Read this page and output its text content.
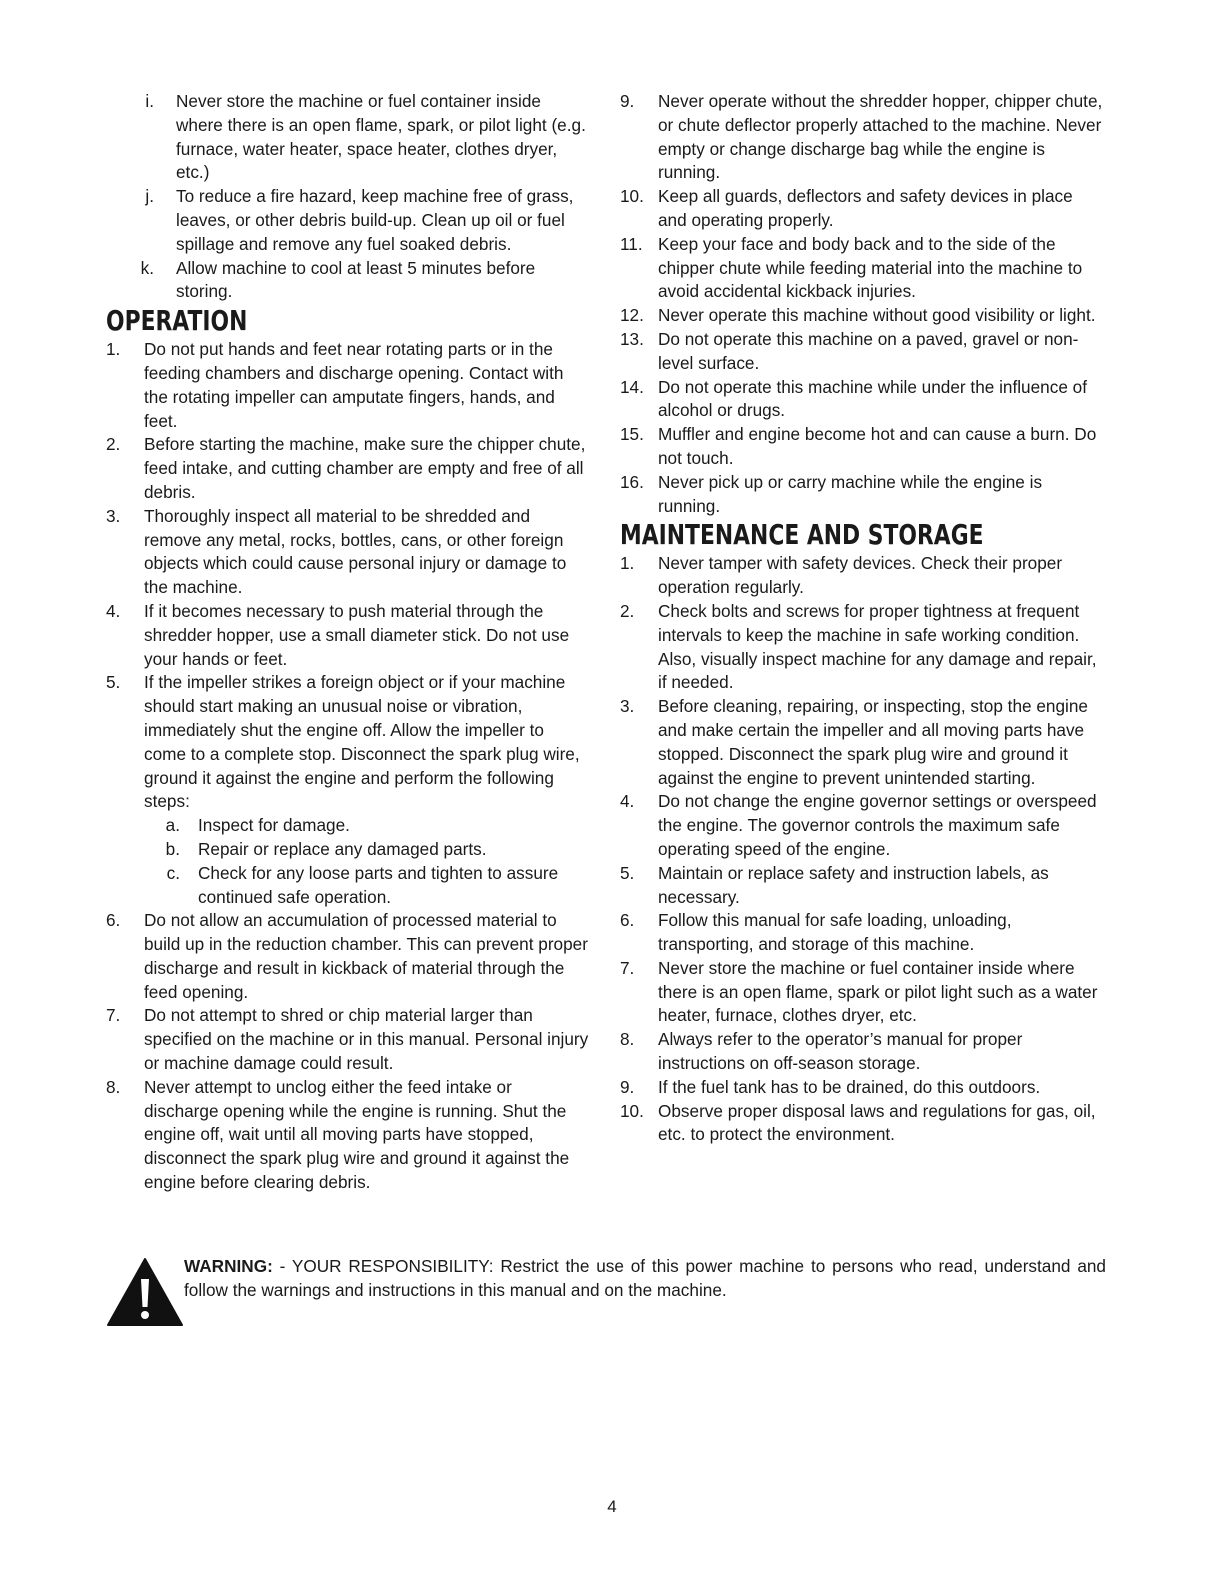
i.	Never store the machine or fuel container inside where there is an open flame, spark, or pilot light (e.g. furnace, water heater, space heater, clothes dryer, etc.)
j.	To reduce a fire hazard, keep machine free of grass, leaves, or other debris build-up. Clean up oil or fuel spillage and remove any fuel soaked debris.
k.	Allow machine to cool at least 5 minutes before storing.
OPERATION
1.	Do not put hands and feet near rotating parts or in the feeding chambers and discharge opening. Contact with the rotating impeller can amputate fingers, hands, and feet.
2.	Before starting the machine, make sure the chipper chute, feed intake, and cutting chamber are empty and free of all debris.
3.	Thoroughly inspect all material to be shredded and remove any metal, rocks, bottles, cans, or other foreign objects which could cause personal injury or damage to the machine.
4.	If it becomes necessary to push material through the shredder hopper, use a small diameter stick. Do not use your hands or feet.
5.	If the impeller strikes a foreign object or if your machine should start making an unusual noise or vibration, immediately shut the engine off. Allow the impeller to come to a complete stop. Disconnect the spark plug wire, ground it against the engine and perform the following steps:
a.	Inspect for damage.
b.	Repair or replace any damaged parts.
c.	Check for any loose parts and tighten to assure continued safe operation.
6.	Do not allow an accumulation of processed material to build up in the reduction chamber. This can prevent proper discharge and result in kickback of material through the feed opening.
7.	Do not attempt to shred or chip material larger than specified on the machine or in this manual. Personal injury or machine damage could result.
8.	Never attempt to unclog either the feed intake or discharge opening while the engine is running. Shut the engine off, wait until all moving parts have stopped, disconnect the spark plug wire and ground it against the engine before clearing debris.
9.	Never operate without the shredder hopper, chipper chute, or chute deflector properly attached to the machine. Never empty or change discharge bag while the engine is running.
10. Keep all guards, deflectors and safety devices in place and operating properly.
11. Keep your face and body back and to the side of the chipper chute while feeding material into the machine to avoid accidental kickback injuries.
12. Never operate this machine without good visibility or light.
13. Do not operate this machine on a paved, gravel or non-level surface.
14. Do not operate this machine while under the influence of alcohol or drugs.
15. Muffler and engine become hot and can cause a burn. Do not touch.
16. Never pick up or carry machine while the engine is running.
MAINTENANCE AND STORAGE
1.	Never tamper with safety devices. Check their proper operation regularly.
2.	Check bolts and screws for proper tightness at frequent intervals to keep the machine in safe working condition. Also, visually inspect machine for any damage and repair, if needed.
3.	Before cleaning, repairing, or inspecting, stop the engine and make certain the impeller and all moving parts have stopped. Disconnect the spark plug wire and ground it against the engine to prevent unintended starting.
4.	Do not change the engine governor settings or overspeed the engine. The governor controls the maximum safe operating speed of the engine.
5.	Maintain or replace safety and instruction labels, as necessary.
6.	Follow this manual for safe loading, unloading, transporting, and storage of this machine.
7.	Never store the machine or fuel container inside where there is an open flame, spark or pilot light such as a water heater, furnace, clothes dryer, etc.
8.	Always refer to the operator’s manual for proper instructions on off-season storage.
9.	If the fuel tank has to be drained, do this outdoors.
10. Observe proper disposal laws and regulations for gas, oil, etc. to protect the environment.
WARNING: - YOUR RESPONSIBILITY: Restrict the use of this power machine to persons who read, understand and follow the warnings and instructions in this manual and on the machine.
4
